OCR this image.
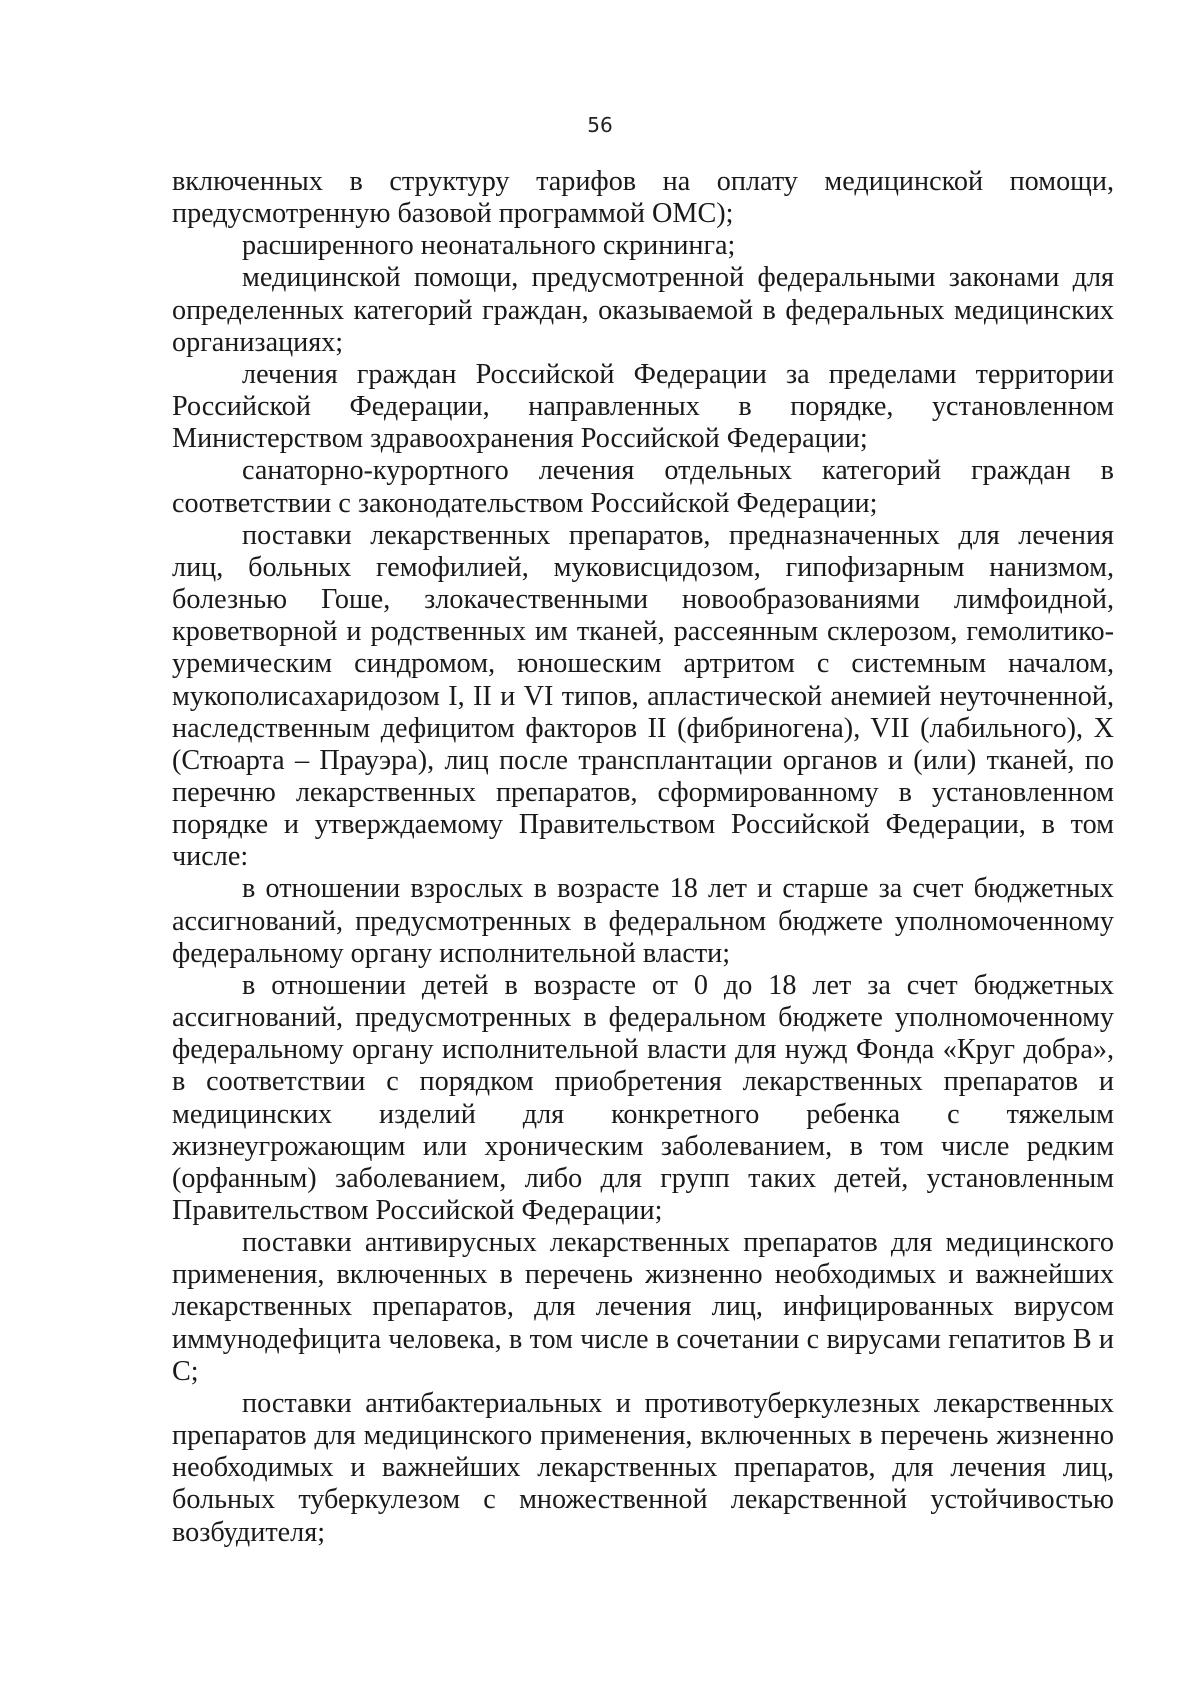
56

включенных в структуру тарифов на оплату медицинской помощи, предусмотренную базовой программой ОМС);

расширенного неонатального скрининга;

медицинской помощи, предусмотренной федеральными законами для определенных категорий граждан, оказываемой в федеральных медицинских организациях;

лечения граждан Российской Федерации за пределами территории Российской Федерации, направленных в порядке, установленном Министерством здравоохранения Российской Федерации;

санаторно-курортного лечения отдельных категорий граждан в соответствии с законодательством Российской Федерации;

поставки лекарственных препаратов, предназначенных для лечения лиц, больных гемофилией, муковисцидозом, гипофизарным нанизмом, болезнью Гоше, злокачественными новообразованиями лимфоидной, кроветворной и родственных им тканей, рассеянным склерозом, гемолитико-уремическим синдромом, юношеским артритом с системным началом, мукополисахаридозом I, II и VI типов, апластической анемией неуточненной, наследственным дефицитом факторов II (фибриногена), VII (лабильного), X (Стюарта – Прауэра), лиц после трансплантации органов и (или) тканей, по перечню лекарственных препаратов, сформированному в установленном порядке и утверждаемому Правительством Российской Федерации, в том числе:

в отношении взрослых в возрасте 18 лет и старше за счет бюджетных ассигнований, предусмотренных в федеральном бюджете уполномоченному федеральному органу исполнительной власти;

в отношении детей в возрасте от 0 до 18 лет за счет бюджетных ассигнований, предусмотренных в федеральном бюджете уполномоченному федеральному органу исполнительной власти для нужд Фонда «Круг добра», в соответствии с порядком приобретения лекарственных препаратов и медицинских изделий для конкретного ребенка с тяжелым жизнеугрожающим или хроническим заболеванием, в том числе редким (орфанным) заболеванием, либо для групп таких детей, установленным Правительством Российской Федерации;

поставки антивирусных лекарственных препаратов для медицинского применения, включенных в перечень жизненно необходимых и важнейших лекарственных препаратов, для лечения лиц, инфицированных вирусом иммунодефицита человека, в том числе в сочетании с вирусами гепатитов B и C;

поставки антибактериальных и противотуберкулезных лекарственных препаратов для медицинского применения, включенных в перечень жизненно необходимых и важнейших лекарственных препаратов, для лечения лиц, больных туберкулезом с множественной лекарственной устойчивостью возбудителя;
